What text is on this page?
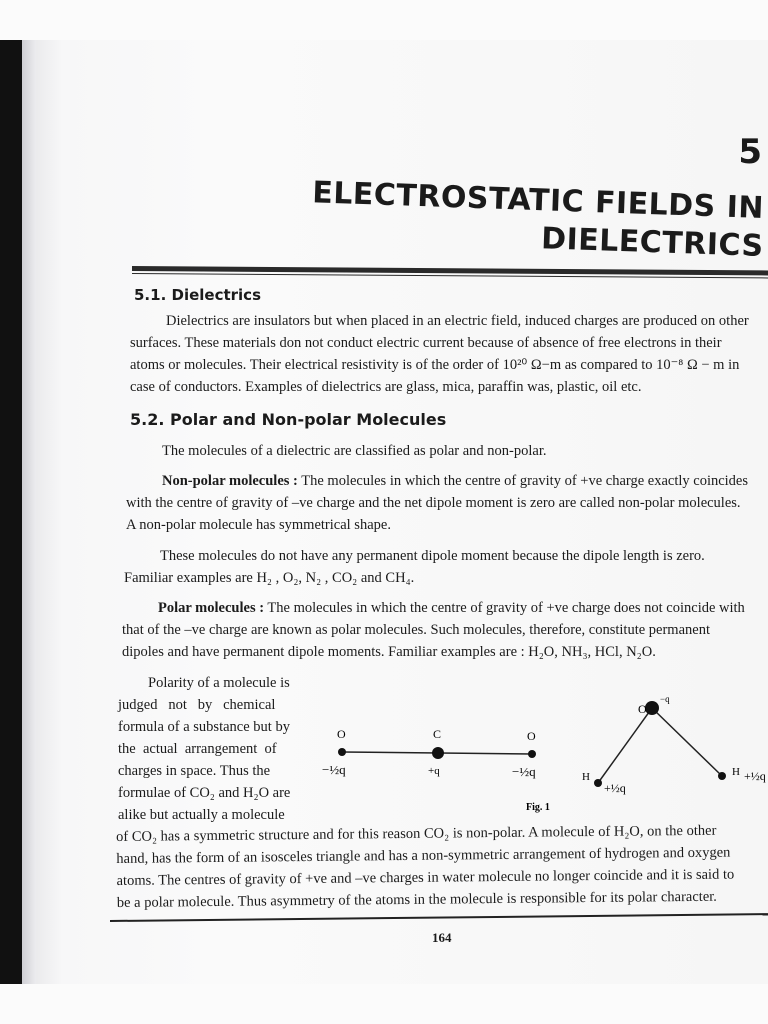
5
ELECTROSTATIC FIELDS IN
DIELECTRICS
5.1. Dielectrics
Dielectrics are insulators but when placed in an electric field, induced charges are produced on other
surfaces. These materials don not conduct electric current because of absence of free electrons in their
atoms or molecules. Their electrical resistivity is of the order of 10²⁰ Ω−m as compared to 10⁻⁸ Ω − m in
case of conductors. Examples of dielectrics are glass, mica, paraffin was, plastic, oil etc.
5.2. Polar and Non-polar Molecules
The molecules of a dielectric are classified as polar and non-polar.
Non-polar molecules : The molecules in which the centre of gravity of +ve charge exactly coincides
with the centre of gravity of –ve charge and the net dipole moment is zero are called non-polar molecules.
A non-polar molecule has symmetrical shape.
These molecules do not have any permanent dipole moment because the dipole length is zero.
Familiar examples are H₂ , O₂, N₂ , CO₂ and CH₄.
Polar molecules : The molecules in which the centre of gravity of +ve charge does not coincide with
that of the –ve charge are known as polar molecules. Such molecules, therefore, constitute permanent
dipoles and have permanent dipole moments. Familiar examples are : H₂O, NH₃, HCl, N₂O.
Polarity of a molecule is
judged   not   by   chemical
formula of a substance but by
the  actual  arrangement  of
charges in space. Thus the
formulae of CO₂ and H₂O are
alike but actually a molecule
O	C	O
−½q	+q	−½q
Fig. 1
O
−q
H
+½q
H +½q
of CO₂ has a symmetric structure and for this reason CO₂ is non-polar. A molecule of H₂O, on the other
hand, has the form of an isosceles triangle and has a non-symmetric arrangement of hydrogen and oxygen
atoms. The centres of gravity of +ve and –ve charges in water molecule no longer coincide and it is said to
be a polar molecule. Thus asymmetry of the atoms in the molecule is responsible for its polar character.
164
